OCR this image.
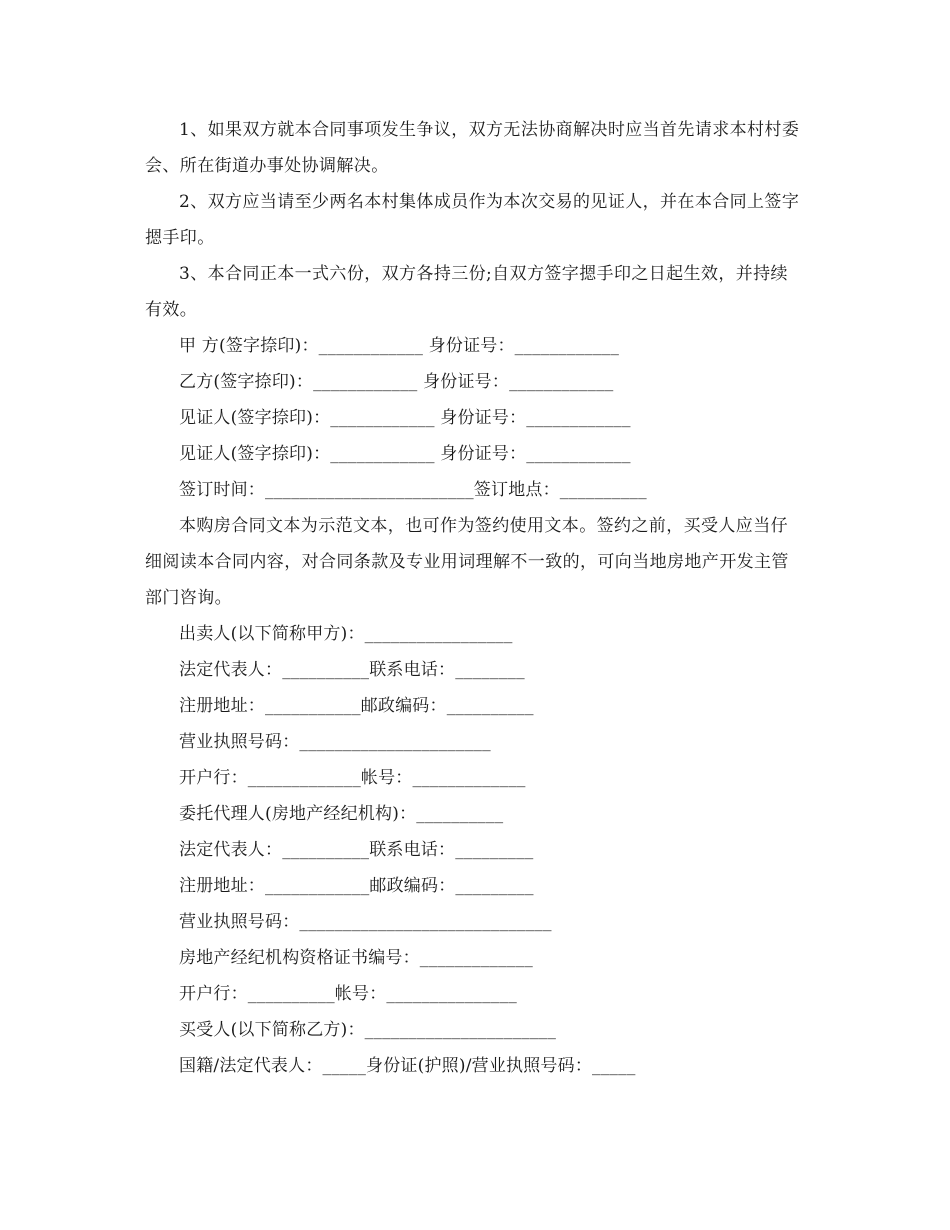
1、如果双方就本合同事项发生争议，双方无法协商解决时应当首先请求本村村委会、所在街道办事处协调解决。

2、双方应当请至少两名本村集体成员作为本次交易的见证人，并在本合同上签字摁手印。

3、本合同正本一式六份，双方各持三份;自双方签字摁手印之日起生效，并持续有效。

甲 方(签字捺印)：____________ 身份证号：____________

乙方(签字捺印)：____________ 身份证号：____________

见证人(签字捺印)：____________ 身份证号：____________

见证人(签字捺印)：____________ 身份证号：____________

签订时间：________________________签订地点：__________

本购房合同文本为示范文本，也可作为签约使用文本。签约之前，买受人应当仔细阅读本合同内容，对合同条款及专业用词理解不一致的，可向当地房地产开发主管部门咨询。

出卖人(以下简称甲方)：_________________

法定代表人：__________联系电话：________

注册地址：___________邮政编码：__________

营业执照号码：______________________

开户行：_____________帐号：_____________

委托代理人(房地产经纪机构)：__________

法定代表人：__________联系电话：_________

注册地址：____________邮政编码：_________

营业执照号码：_____________________________

房地产经纪机构资格证书编号：_____________

开户行：__________帐号：_______________

买受人(以下简称乙方)：______________________

国籍/法定代表人：_____身份证(护照)/营业执照号码：_____
